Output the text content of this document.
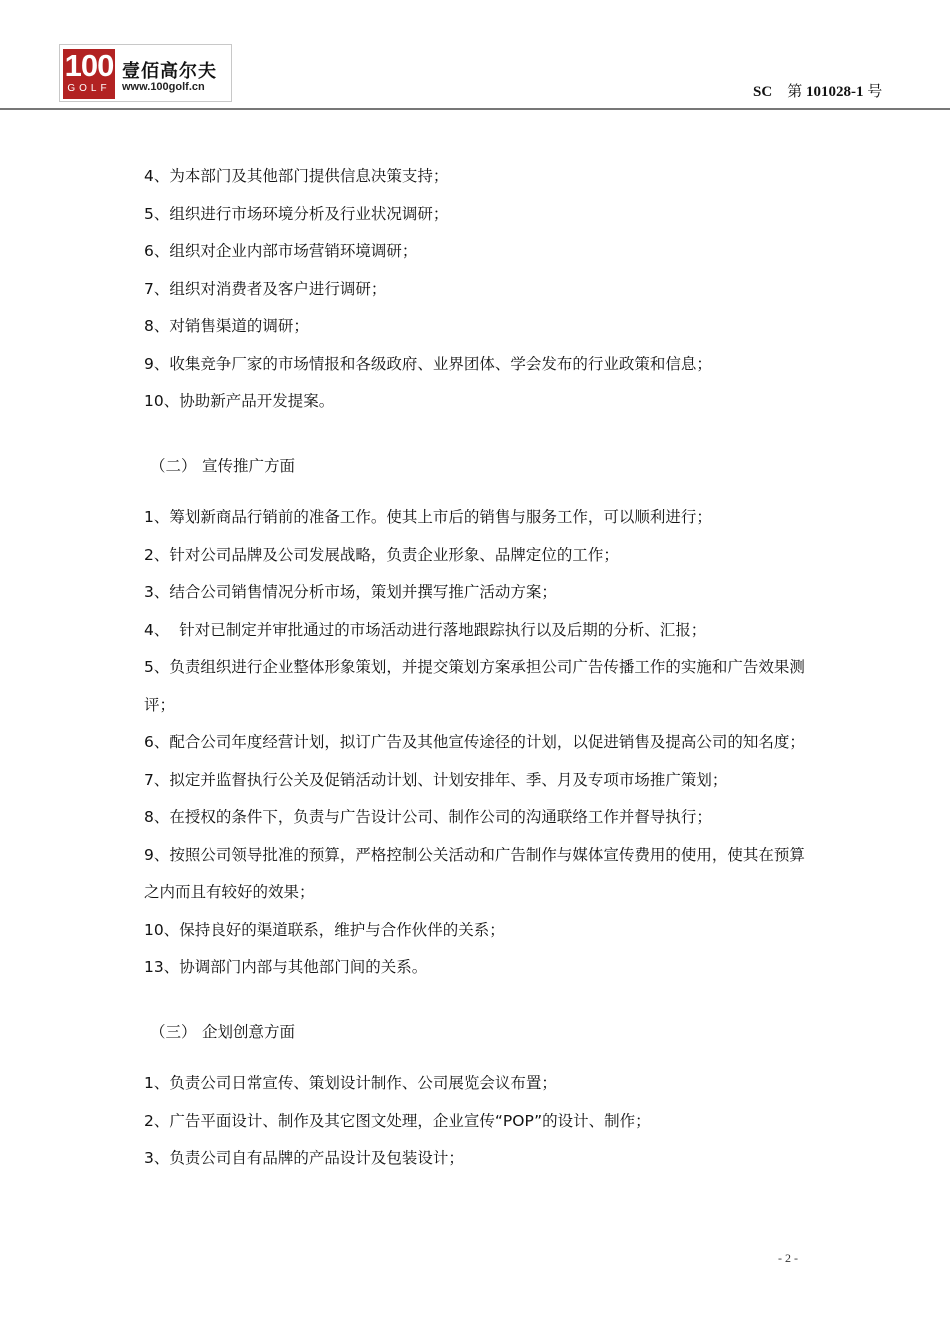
100
GOLF
壹佰高尔夫
www.100golf.cn	SC 第 101028-1 号

4、为本部门及其他部门提供信息决策支持；

5、组织进行市场环境分析及行业状况调研；

6、组织对企业内部市场营销环境调研；

7、组织对消费者及客户进行调研；

8、对销售渠道的调研；

9、收集竞争厂家的市场情报和各级政府、业界团体、学会发布的行业政策和信息；

10、协助新产品开发提案。

（二） 宣传推广方面

1、筹划新商品行销前的准备工作。使其上市后的销售与服务工作，可以顺利进行；

2、针对公司品牌及公司发展战略，负责企业形象、品牌定位的工作；

3、结合公司销售情况分析市场，策划并撰写推广活动方案；

4、  针对已制定并审批通过的市场活动进行落地跟踪执行以及后期的分析、汇报；

5、负责组织进行企业整体形象策划，并提交策划方案承担公司广告传播工作的实施和广告效果测评；

6、配合公司年度经营计划，拟订广告及其他宣传途径的计划，以促进销售及提高公司的知名度；

7、拟定并监督执行公关及促销活动计划、计划安排年、季、月及专项市场推广策划；

8、在授权的条件下，负责与广告设计公司、制作公司的沟通联络工作并督导执行；

9、按照公司领导批准的预算，严格控制公关活动和广告制作与媒体宣传费用的使用，使其在预算之内而且有较好的效果；

10、保持良好的渠道联系，维护与合作伙伴的关系；

13、协调部门内部与其他部门间的关系。

（三） 企划创意方面

1、负责公司日常宣传、策划设计制作、公司展览会议布置；

2、广告平面设计、制作及其它图文处理，企业宣传“POP”的设计、制作；

3、负责公司自有品牌的产品设计及包装设计；

- 2 -
